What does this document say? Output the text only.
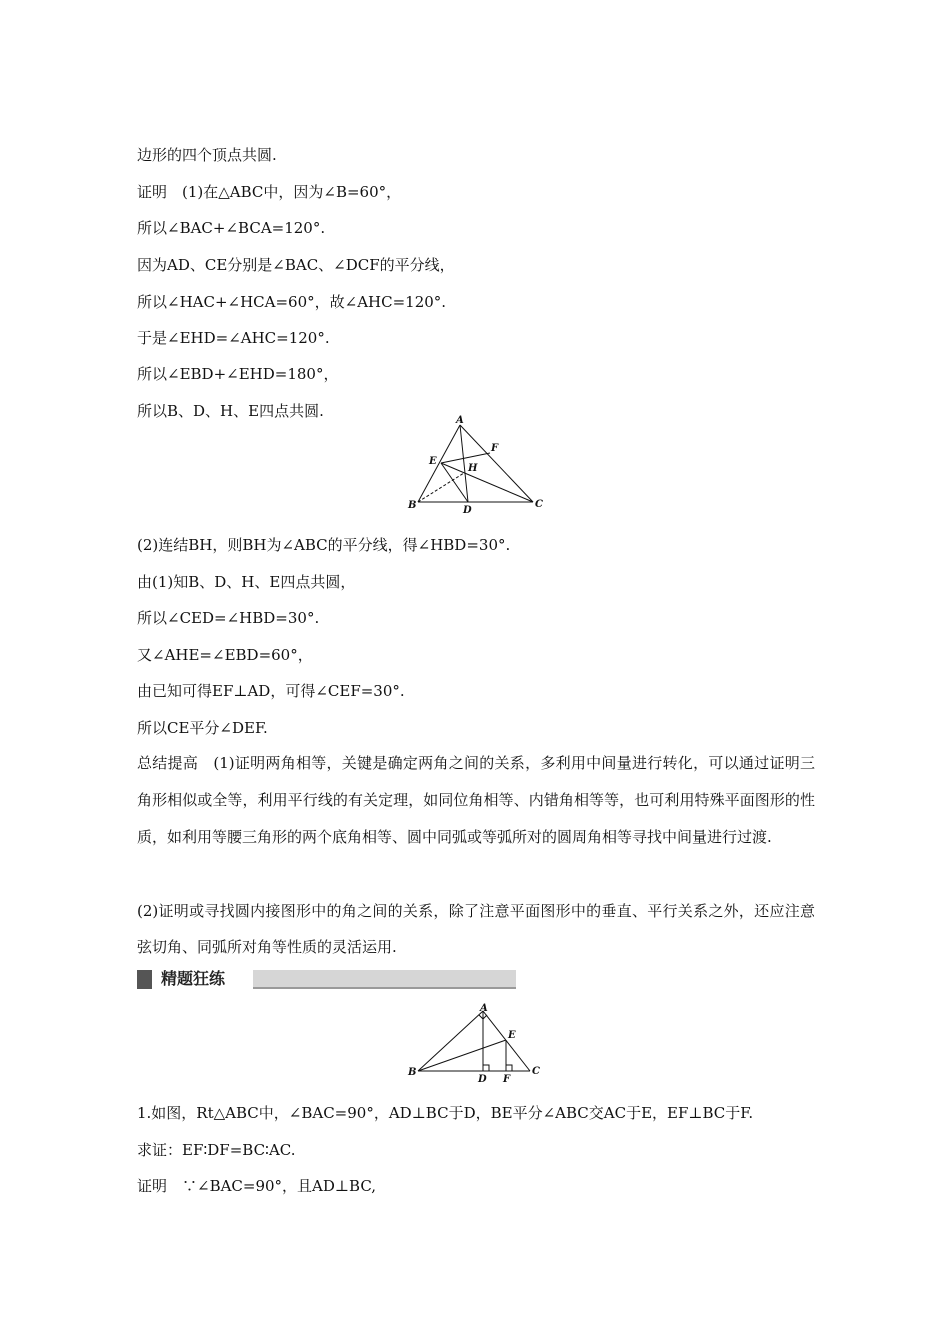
边形的四个顶点共圆.
证明　(1)在△ABC中，因为∠B=60°，
所以∠BAC+∠BCA=120°.
因为AD、CE分别是∠BAC、∠DCF的平分线，
所以∠HAC+∠HCA=60°，故∠AHC=120°.
于是∠EHD=∠AHC=120°.
所以∠EBD+∠EHD=180°，
所以B、D、H、E四点共圆.
A
F
E
H
B	D
C
(2)连结BH，则BH为∠ABC的平分线，得∠HBD=30°.
由(1)知B、D、H、E四点共圆，
所以∠CED=∠HBD=30°.
又∠AHE=∠EBD=60°，
由已知可得EF⊥AD，可得∠CEF=30°.
所以CE平分∠DEF.
总结提高　(1)证明两角相等，关键是确定两角之间的关系，多利用中间量进行转化，可以通过证明三角形相似或全等，利用平行线的有关定理，如同位角相等、内错角相等等，也可利用特殊平面图形的性质，如利用等腰三角形的两个底角相等、圆中同弧或等弧所对的圆周角相等寻找中间量进行过渡.
(2)证明或寻找圆内接图形中的角之间的关系，除了注意平面图形中的垂直、平行关系之外，还应注意弦切角、同弧所对角等性质的灵活运用.
精题狂练
A
E
B
D F
C
1.如图，Rt△ABC中，∠BAC=90°，AD⊥BC于D，BE平分∠ABC交AC于E，EF⊥BC于F.
求证：EF∶DF=BC∶AC.
证明　∵∠BAC=90°，且AD⊥BC,
